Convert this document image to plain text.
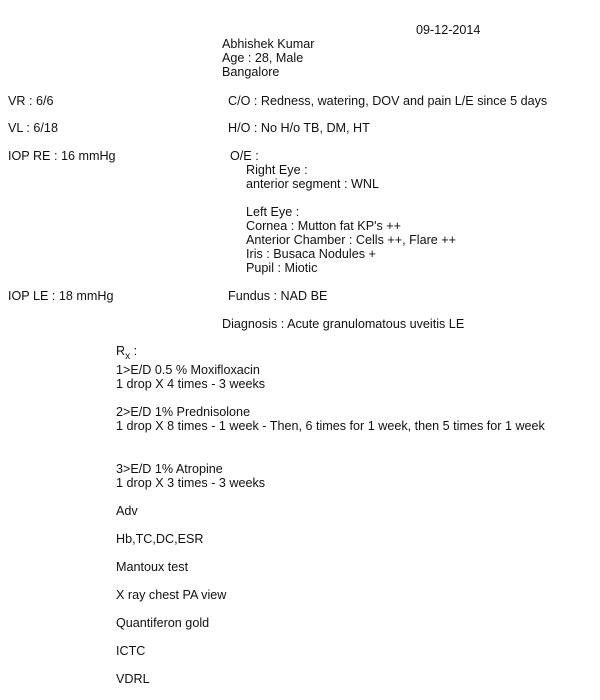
09-12-2014
Abhishek Kumar
Age : 28, Male
Bangalore
VR : 6/6
VL : 6/18
IOP RE : 16 mmHg
IOP LE : 18 mmHg
C/O : Redness, watering, DOV and pain L/E since 5 days
H/O : No H/o TB, DM, HT
O/E :
Right Eye :
anterior segment : WNL
Left Eye :
Cornea : Mutton fat KP's ++
Anterior Chamber : Cells ++, Flare ++
Iris : Busaca Nodules +
Pupil : Miotic
Fundus : NAD BE
Diagnosis : Acute granulomatous uveitis LE
$R_x$ :
1>E/D 0.5 % Moxifloxacin
1 drop X 4 times - 3 weeks
2>E/D 1% Prednisolone
1 drop X 8 times - 1 week - Then, 6 times for 1 week, then 5 times for 1 week
3>E/D 1% Atropine
1 drop X 3 times - 3 weeks
Adv
Hb,TC,DC,ESR
Mantoux test
X ray chest PA view
Quantiferon gold
ICTC
VDRL
